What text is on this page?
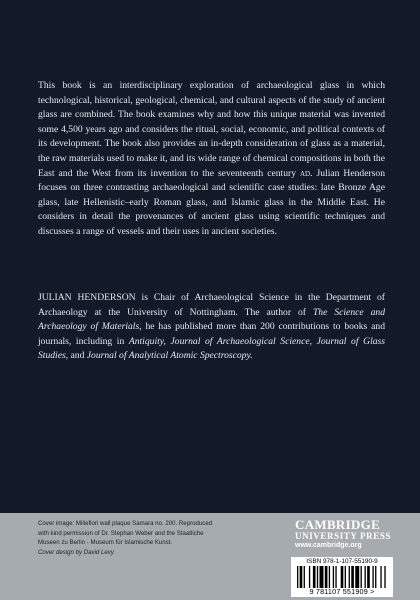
This book is an interdisciplinary exploration of archaeological glass in which technological, historical, geological, chemical, and cultural aspects of the study of ancient glass are combined. The book examines why and how this unique material was invented some 4,500 years ago and considers the ritual, social, economic, and political contexts of its development. The book also provides an in-depth consideration of glass as a material, the raw materials used to make it, and its wide range of chemical compositions in both the East and the West from its invention to the seventeenth century ad. Julian Henderson focuses on three contrasting archaeological and scientific case studies: late Bronze Age glass, late Hellenistic–early Roman glass, and Islamic glass in the Middle East. He considers in detail the provenances of ancient glass using scientific techniques and discusses a range of vessels and their uses in ancient societies.

JULIAN HENDERSON is Chair of Archaeological Science in the Department of Archaeology at the University of Nottingham. The author of The Science and Archaeology of Materials, he has published more than 200 contributions to books and journals, including in Antiquity, Journal of Archaeological Science, Journal of Glass Studies, and Journal of Analytical Atomic Spectroscopy.

Cover image: Millefiori wall plaque Samara no. 200. Reproduced
with kind permission of Dr. Stephan Weber and the Staatliche
Museen zu Berlin - Museum für Islamische Kunst.
Cover design by David Levy
CAMBRIDGE
UNIVERSITY PRESS
www.cambridge.org
ISBN 978-1-107-55190-9
9 781107 551909 >
